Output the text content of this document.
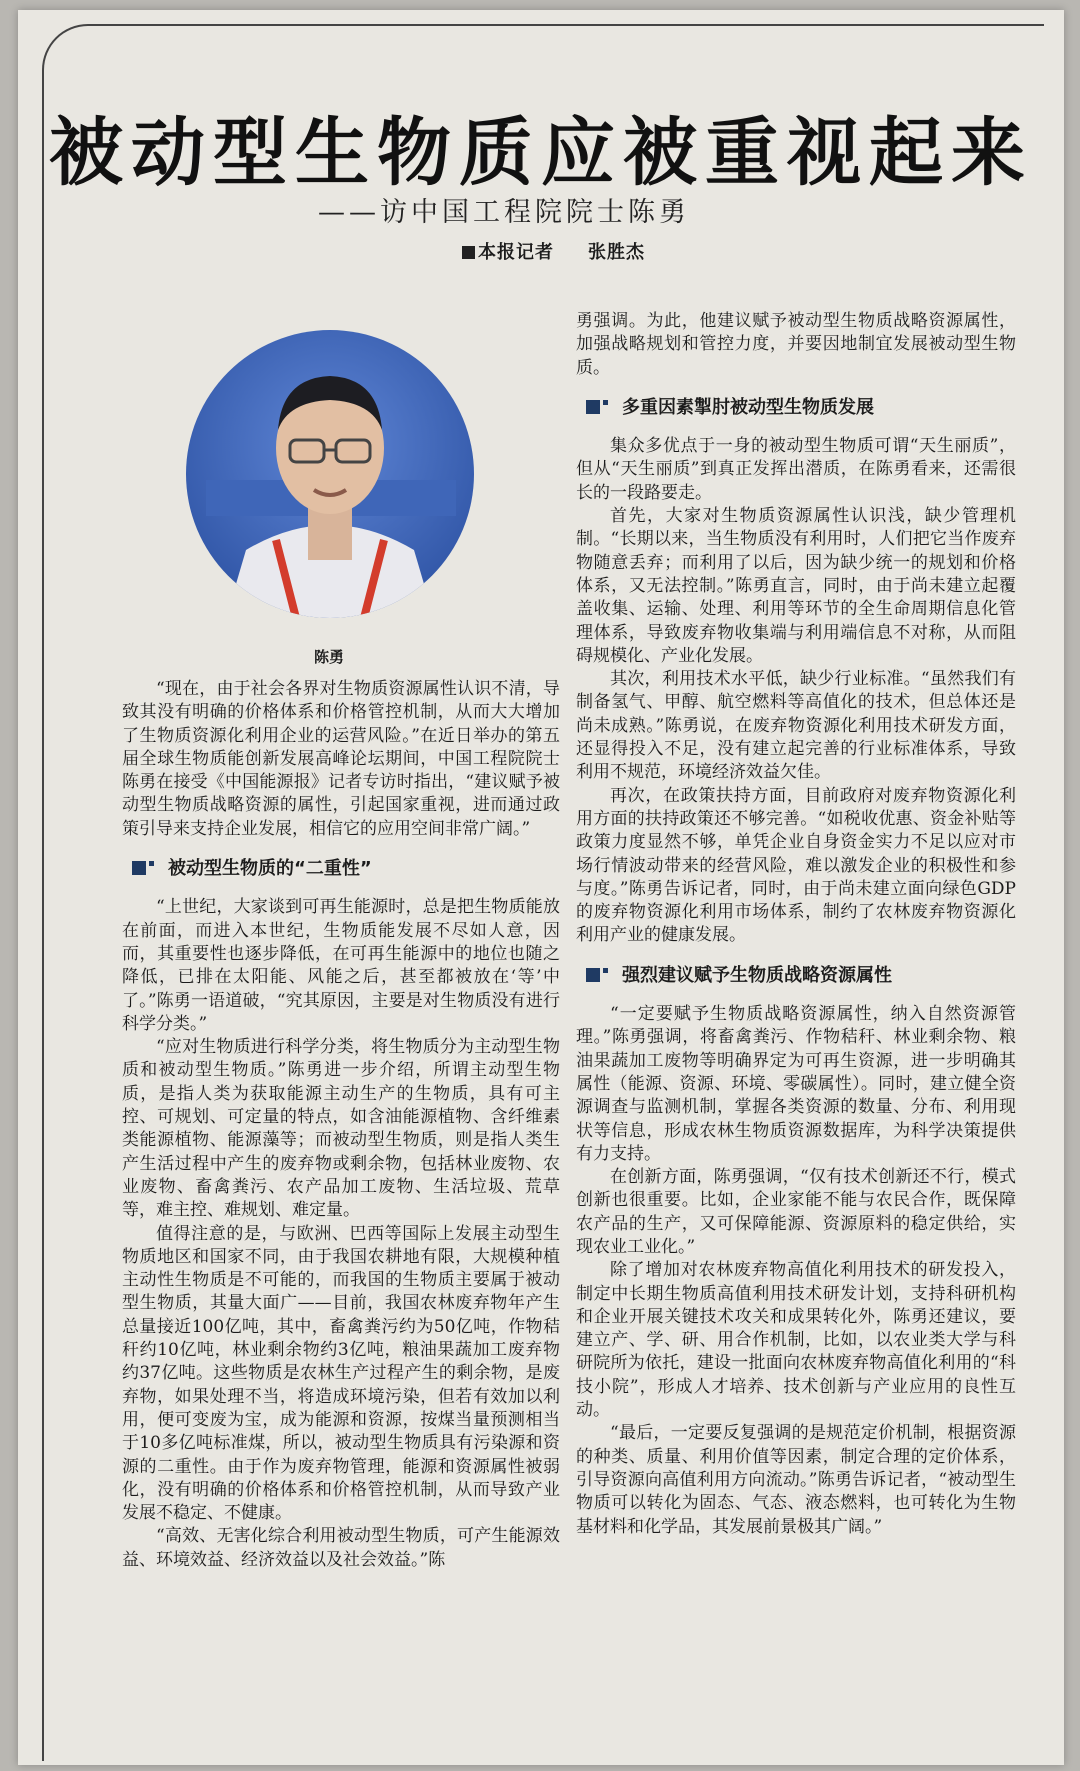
被动型生物质应被重视起来
——访中国工程院院士陈勇
本报记者 张胜杰
陈勇

“现在，由于社会各界对生物质资源属性认识不清，导致其没有明确的价格体系和价格管控机制，从而大大增加了生物质资源化利用企业的运营风险。”在近日举办的第五届全球生物质能创新发展高峰论坛期间，中国工程院院士陈勇在接受《中国能源报》记者专访时指出，“建议赋予被动型生物质战略资源的属性，引起国家重视，进而通过政策引导来支持企业发展，相信它的应用空间非常广阔。”

被动型生物质的“二重性”

“上世纪，大家谈到可再生能源时，总是把生物质能放在前面，而进入本世纪，生物质能发展不尽如人意，因而，其重要性也逐步降低，在可再生能源中的地位也随之降低，已排在太阳能、风能之后，甚至都被放在‘等’中了。”陈勇一语道破，“究其原因，主要是对生物质没有进行科学分类。”

“应对生物质进行科学分类，将生物质分为主动型生物质和被动型生物质。”陈勇进一步介绍，所谓主动型生物质，是指人类为获取能源主动生产的生物质，具有可主控、可规划、可定量的特点，如含油能源植物、含纤维素类能源植物、能源藻等；而被动型生物质，则是指人类生产生活过程中产生的废弃物或剩余物，包括林业废物、农业废物、畜禽粪污、农产品加工废物、生活垃圾、荒草等，难主控、难规划、难定量。

值得注意的是，与欧洲、巴西等国际上发展主动型生物质地区和国家不同，由于我国农耕地有限，大规模种植主动性生物质是不可能的，而我国的生物质主要属于被动型生物质，其量大面广——目前，我国农林废弃物年产生总量接近100亿吨，其中，畜禽粪污约为50亿吨，作物秸秆约10亿吨，林业剩余物约3亿吨，粮油果蔬加工废弃物约37亿吨。这些物质是农林生产过程产生的剩余物，是废弃物，如果处理不当，将造成环境污染，但若有效加以利用，便可变废为宝，成为能源和资源，按煤当量预测相当于10多亿吨标准煤，所以，被动型生物质具有污染源和资源的二重性。由于作为废弃物管理，能源和资源属性被弱化，没有明确的价格体系和价格管控机制，从而导致产业发展不稳定、不健康。

“高效、无害化综合利用被动型生物质，可产生能源效益、环境效益、经济效益以及社会效益。”陈

勇强调。为此，他建议赋予被动型生物质战略资源属性，加强战略规划和管控力度，并要因地制宜发展被动型生物质。

多重因素掣肘被动型生物质发展

集众多优点于一身的被动型生物质可谓“天生丽质”，但从“天生丽质”到真正发挥出潜质，在陈勇看来，还需很长的一段路要走。

首先，大家对生物质资源属性认识浅，缺少管理机制。“长期以来，当生物质没有利用时，人们把它当作废弃物随意丢弃；而利用了以后，因为缺少统一的规划和价格体系，又无法控制。”陈勇直言，同时，由于尚未建立起覆盖收集、运输、处理、利用等环节的全生命周期信息化管理体系，导致废弃物收集端与利用端信息不对称，从而阻碍规模化、产业化发展。

其次，利用技术水平低，缺少行业标准。“虽然我们有制备氢气、甲醇、航空燃料等高值化的技术，但总体还是尚未成熟。”陈勇说，在废弃物资源化利用技术研发方面，还显得投入不足，没有建立起完善的行业标准体系，导致利用不规范，环境经济效益欠佳。

再次，在政策扶持方面，目前政府对废弃物资源化利用方面的扶持政策还不够完善。“如税收优惠、资金补贴等政策力度显然不够，单凭企业自身资金实力不足以应对市场行情波动带来的经营风险，难以激发企业的积极性和参与度。”陈勇告诉记者，同时，由于尚未建立面向绿色GDP的废弃物资源化利用市场体系，制约了农林废弃物资源化利用产业的健康发展。

强烈建议赋予生物质战略资源属性

“一定要赋予生物质战略资源属性，纳入自然资源管理。”陈勇强调，将畜禽粪污、作物秸秆、林业剩余物、粮油果蔬加工废物等明确界定为可再生资源，进一步明确其属性（能源、资源、环境、零碳属性）。同时，建立健全资源调查与监测机制，掌握各类资源的数量、分布、利用现状等信息，形成农林生物质资源数据库，为科学决策提供有力支持。

在创新方面，陈勇强调，“仅有技术创新还不行，模式创新也很重要。比如，企业家能不能与农民合作，既保障农产品的生产，又可保障能源、资源原料的稳定供给，实现农业工业化。”

除了增加对农林废弃物高值化利用技术的研发投入，制定中长期生物质高值利用技术研发计划，支持科研机构和企业开展关键技术攻关和成果转化外，陈勇还建议，要建立产、学、研、用合作机制，比如，以农业类大学与科研院所为依托，建设一批面向农林废弃物高值化利用的“科技小院”，形成人才培养、技术创新与产业应用的良性互动。

“最后，一定要反复强调的是规范定价机制，根据资源的种类、质量、利用价值等因素，制定合理的定价体系，引导资源向高值利用方向流动。”陈勇告诉记者，“被动型生物质可以转化为固态、气态、液态燃料，也可转化为生物基材料和化学品，其发展前景极其广阔。”
